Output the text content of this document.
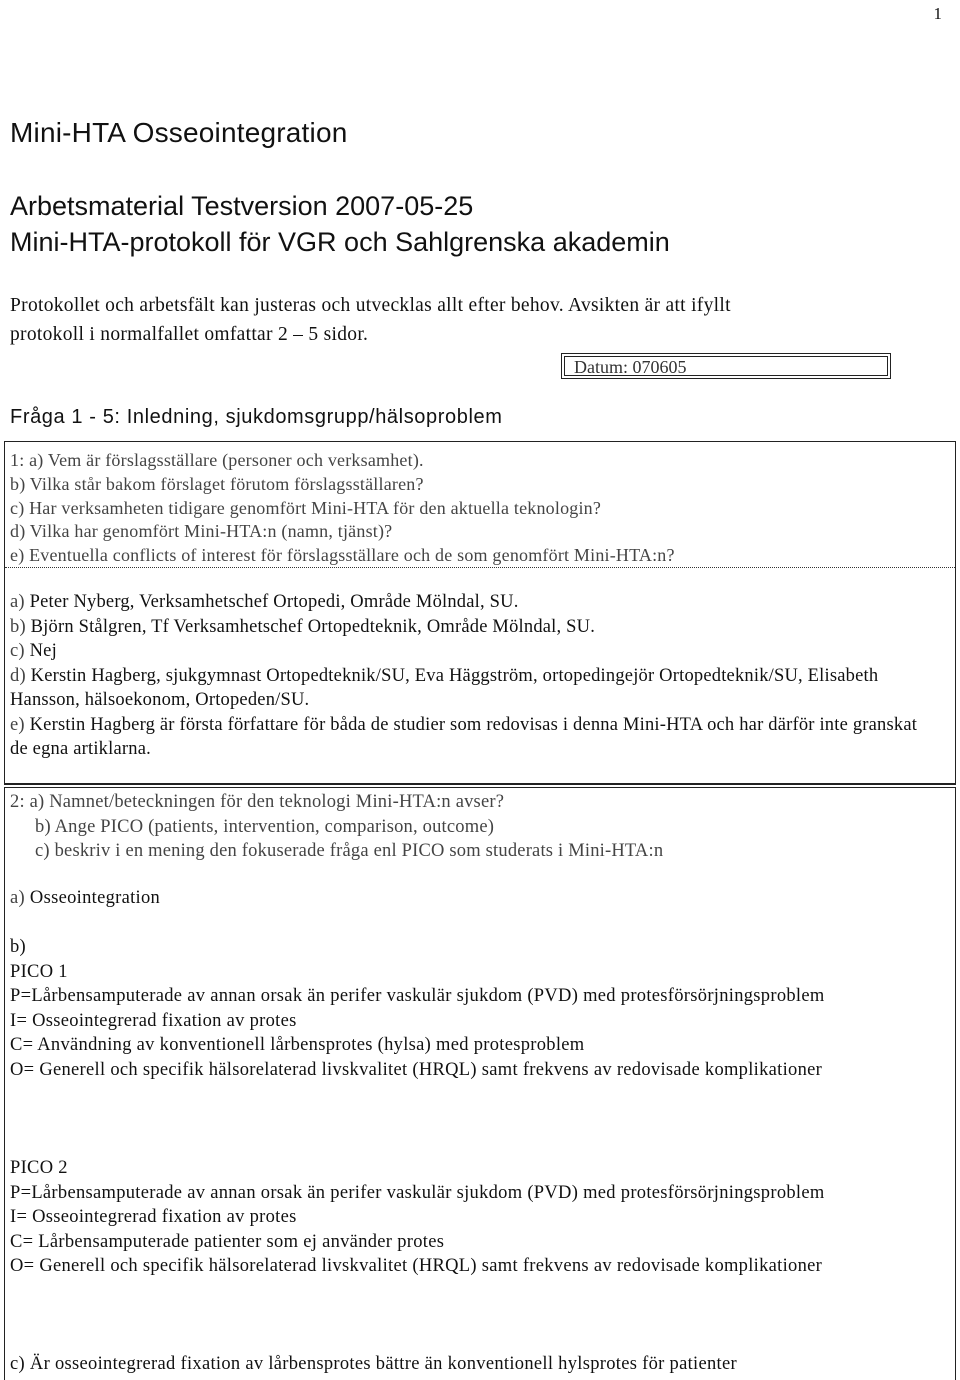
1
Mini-HTA Osseointegration
Arbetsmaterial Testversion 2007-05-25
Mini-HTA-protokoll för VGR och Sahlgrenska akademin

Protokollet och arbetsfält kan justeras och utvecklas allt efter behov. Avsikten är att ifyllt
protokoll i normalfallet omfattar 2 – 5 sidor.

Datum: 070605
Fråga 1 - 5: Inledning, sjukdomsgrupp/hälsoproblem
1: a) Vem är förslagsställare (personer och verksamhet).
b) Vilka står bakom förslaget förutom förslagsställaren?
c) Har verksamheten tidigare genomfört Mini-HTA för den aktuella teknologin?
d) Vilka har genomfört Mini-HTA:n (namn, tjänst)?
e) Eventuella conflicts of interest för förslagsställare och de som genomfört Mini-HTA:n?
a) Peter Nyberg, Verksamhetschef Ortopedi, Område Mölndal, SU.
b) Björn Stålgren, Tf Verksamhetschef Ortopedteknik, Område Mölndal, SU.
c) Nej
d) Kerstin Hagberg, sjukgymnast Ortopedteknik/SU, Eva Häggström, ortopedingejör Ortopedteknik/SU, Elisabeth Hansson, hälsoekonom, Ortopeden/SU.
e) Kerstin Hagberg är första författare för båda de studier som redovisas i denna Mini-HTA och har därför inte granskat de egna artiklarna.
2: a) Namnet/beteckningen för den teknologi Mini-HTA:n avser?
b) Ange PICO (patients, intervention, comparison, outcome)
c) beskriv i en mening den fokuserade fråga enl PICO som studerats i Mini-HTA:n
a) Osseointegration
b)
PICO 1
P=Lårbensamputerade av annan orsak än perifer vaskulär sjukdom (PVD) med protesförsörjningsproblem
I= Osseointegrerad fixation av protes
C= Användning av konventionell lårbensprotes (hylsa) med protesproblem
O= Generell och specifik hälsorelaterad livskvalitet (HRQL) samt frekvens av redovisade komplikationer
PICO 2
P=Lårbensamputerade av annan orsak än perifer vaskulär sjukdom (PVD) med protesförsörjningsproblem
I= Osseointegrerad fixation av protes
C= Lårbensamputerade patienter som ej använder protes
O= Generell och specifik hälsorelaterad livskvalitet (HRQL) samt frekvens av redovisade komplikationer
c) Är osseointegrerad fixation av lårbensprotes bättre än konventionell hylsprotes för patienter
